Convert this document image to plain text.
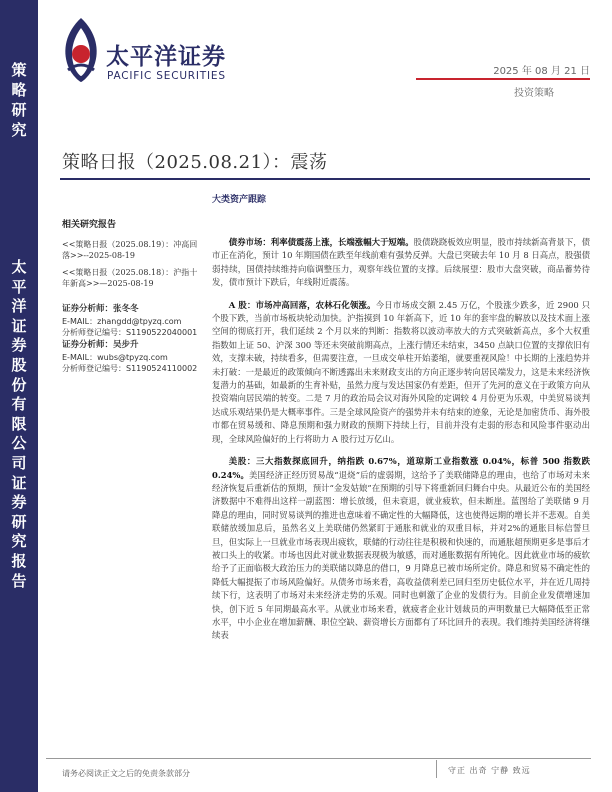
策略研究
太平洋证券股份有限公司证券研究报告
太平洋证券
PACIFIC SECURITIES	2025 年 08 月 21 日
投资策略
策略日报（2025.08.21）：震荡
大类资产跟踪
相关研究报告
<<策略日报（2025.08.19）：冲高回落>>--2025-08-19
<<策略日报（2025.08.18）：沪指十年新高>>—2025-08-19
证券分析师：张冬冬
E-MAIL：zhangdd@tpyzq.com
分析师登记编号：S1190522040001
证券分析师：吴步升
E-MAIL：wubs@tpyzq.com
分析师登记编号：S1190524110002

债券市场：利率债震荡上涨，长端涨幅大于短端。股债跷跷板效应明显，股市持续新高背景下，债市正在消化，预计 10 年期国债在跌至年线前难有强势反弹。大盘已突破去年 10 月 8 日高点，股强债弱持续，国债持续维持向临调整压力，观察年线位置的支撑。后续展望：股市大盘突破，商品蓄势待发，债市预计下跌后，年线附近震荡。

A 股：市场冲高回落，农林石化领涨。今日市场成交额 2.45 万亿，个股涨少跌多，近 2900 只个股下跌，当前市场板块轮动加快。沪指摸到 10 年新高下，近 10 年的套牢盘的解放以及技术面上涨空间的彻底打开，我们延续 2 个月以来的判断：指数将以波动率放大的方式突破新高点，多个大权重指数如上证 50、沪深 300 等还未突破前期高点，上涨行情还未结束，3450 点缺口位置的支撑依旧有效，支撑未破，持续看多，但需要注意，一旦成交单柱开始萎缩，就要重视风险！中长期的上涨趋势并未打破：一是最近的政策倾向不断透露出未来财政支出的方向正逐步转向居民端发力，这是未来经济恢复潜力的基础，如最新的生育补贴，虽然力度与发达国家仍有差距，但开了先河的意义在于政策方向从投资端向居民端的转变。二是 7 月的政治局会议对海外风险的定调较 4 月份更为乐观，中美贸易谈判达成乐观结果仍是大概率事件。三是全球风险资产的强势并未有结束的迹象，无论是加密货币、海外股市都在贸易缓和、降息预期和强力财政的预期下持续上行，目前并没有走弱的形态和风险事件驱动出现，全球风险偏好的上行将助力 A 股行过万亿山。

美股：三大指数探底回升，纳指跌 0.67%，道琼斯工业指数涨 0.04%，标普 500 指数跌 0.24%。美国经济正经历贸易战“退烧”后的虚弱期，这给予了美联储降息的理由，也给了市场对未来经济恢复后重新估的预期，预计“金发姑娘”在预期的引导下将重新回归舞台中央。从最近公布的美国经济数据中不难得出这样一副蓝图：增长放缓，但未衰退，就业疲软，但未断崖。蓝图给了美联储 9 月降息的理由，同时贸易谈判的推进也意味着不确定性的大幅降低，这也使得远期的增长并不悲观。自美联储放缓加息后，虽然名义上美联储仍然紧盯于通胀和就业的双重目标，并对2%的通胀目标信誓旦旦，但实际上一旦就业市场表现出疲软，联储的行动往往是积极和快速的，而通胀超预期更多是事后才被口头上的收紧。市场也因此对就业数据表现极为敏感，而对通胀数据有所钝化。因此就业市场的疲软给予了正面临极大政治压力的美联储以降息的借口，9 月降息已被市场所定价。降息和贸易不确定性的降低大幅提振了市场风险偏好。从债务市场来看，高收益债利差已回归至历史低位水平，并在近几周持续下行，这表明了市场对未来经济走势的乐观。同时也刺激了企业的发债行为。目前企业发债增速加快，创下近 5 年同期最高水平。从就业市场来看，就疲者企业计划裁员的声明数量已大幅降低至正常水平，中小企业在增加薪酬、职位空缺、薪资增长方面都有了环比回升的表现。我们维持美国经济将继续表

请务必阅读正文之后的免责条款部分	守正 出奇 宁静 致远
